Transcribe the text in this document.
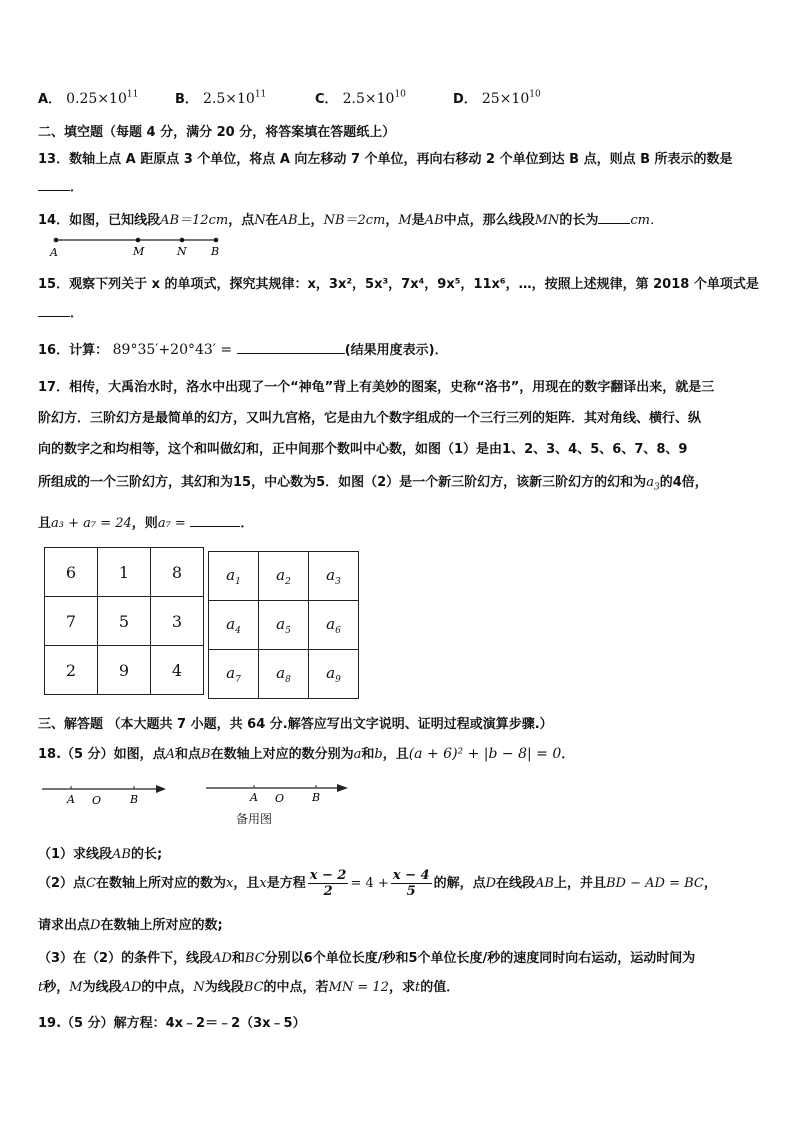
A． $0.25\times 10^{11}$	B． $2.5\times 10^{11}$	C． $2.5\times 10^{10}$	D． $25\times 10^{10}$
二、填空题（每题 4 分，满分 20 分，将答案填在答题纸上）
13．数轴上点 A 距原点 3 个单位，将点 A 向左移动 7 个单位，再向右移动 2 个单位到达 B 点，则点 B 所表示的数是
．
14．如图，已知线段AB＝12cm，点N在AB上，NB＝2cm，M是AB中点，那么线段MN的长为 cm．
A	M	N B
15．观察下列关于 x 的单项式，探究其规律：x，3x²，5x³，7x⁴，9x⁵，11x⁶，…，按照上述规律，第 2018 个单项式是
．
16．计算： 89°35′+20°43′ =	(结果用度表示)．
17．相传，大禹治水时，洛水中出现了一个“神龟”背上有美妙的图案，史称“洛书”，用现在的数字翻译出来，就是三
阶幻方．三阶幻方是最简单的幻方，又叫九宫格，它是由九个数字组成的一个三行三列的矩阵．其对角线、横行、纵
向的数字之和均相等，这个和叫做幻和，正中间那个数叫中心数，如图（1）是由1、2、3、4、5、6、7、8、9
所组成的一个三阶幻方，其幻和为15，中心数为5．如图（2）是一个新三阶幻方，该新三阶幻方的幻和为$a_3$的4倍，
且a₃ + a₇ = 24，则a₇ =	．
6	1	8
7	5	3
2	9	4
$a_1$	$a_2$	$a_3$
$a_4$	$a_5$	$a_6$
$a_7$	$a_8$	$a_9$
三、解答题 （本大题共 7 小题，共 64 分.解答应写出文字说明、证明过程或演算步骤.）
18.（5 分）如图，点A和点B在数轴上对应的数分别为a和b，且(a + 6)² + |b − 8| = 0．
A O	B	A O	B
备用图
（1）求线段AB的长;
（2）点C在数轴上所对应的数为x，且x是方程 $\frac{x - 2}{2} = 4 + \frac{x - 4}{5}$ 的解，点D在线段AB上，并且BD − AD = BC，
请求出点D在数轴上所对应的数;
（3）在（2）的条件下，线段AD和BC分别以6个单位长度/秒和5个单位长度/秒的速度同时向右运动，运动时间为
t秒，M为线段AD的中点，N为线段BC的中点，若MN = 12，求t的值．
19.（5 分）解方程：4x﹣2＝﹣2（3x﹣5）
